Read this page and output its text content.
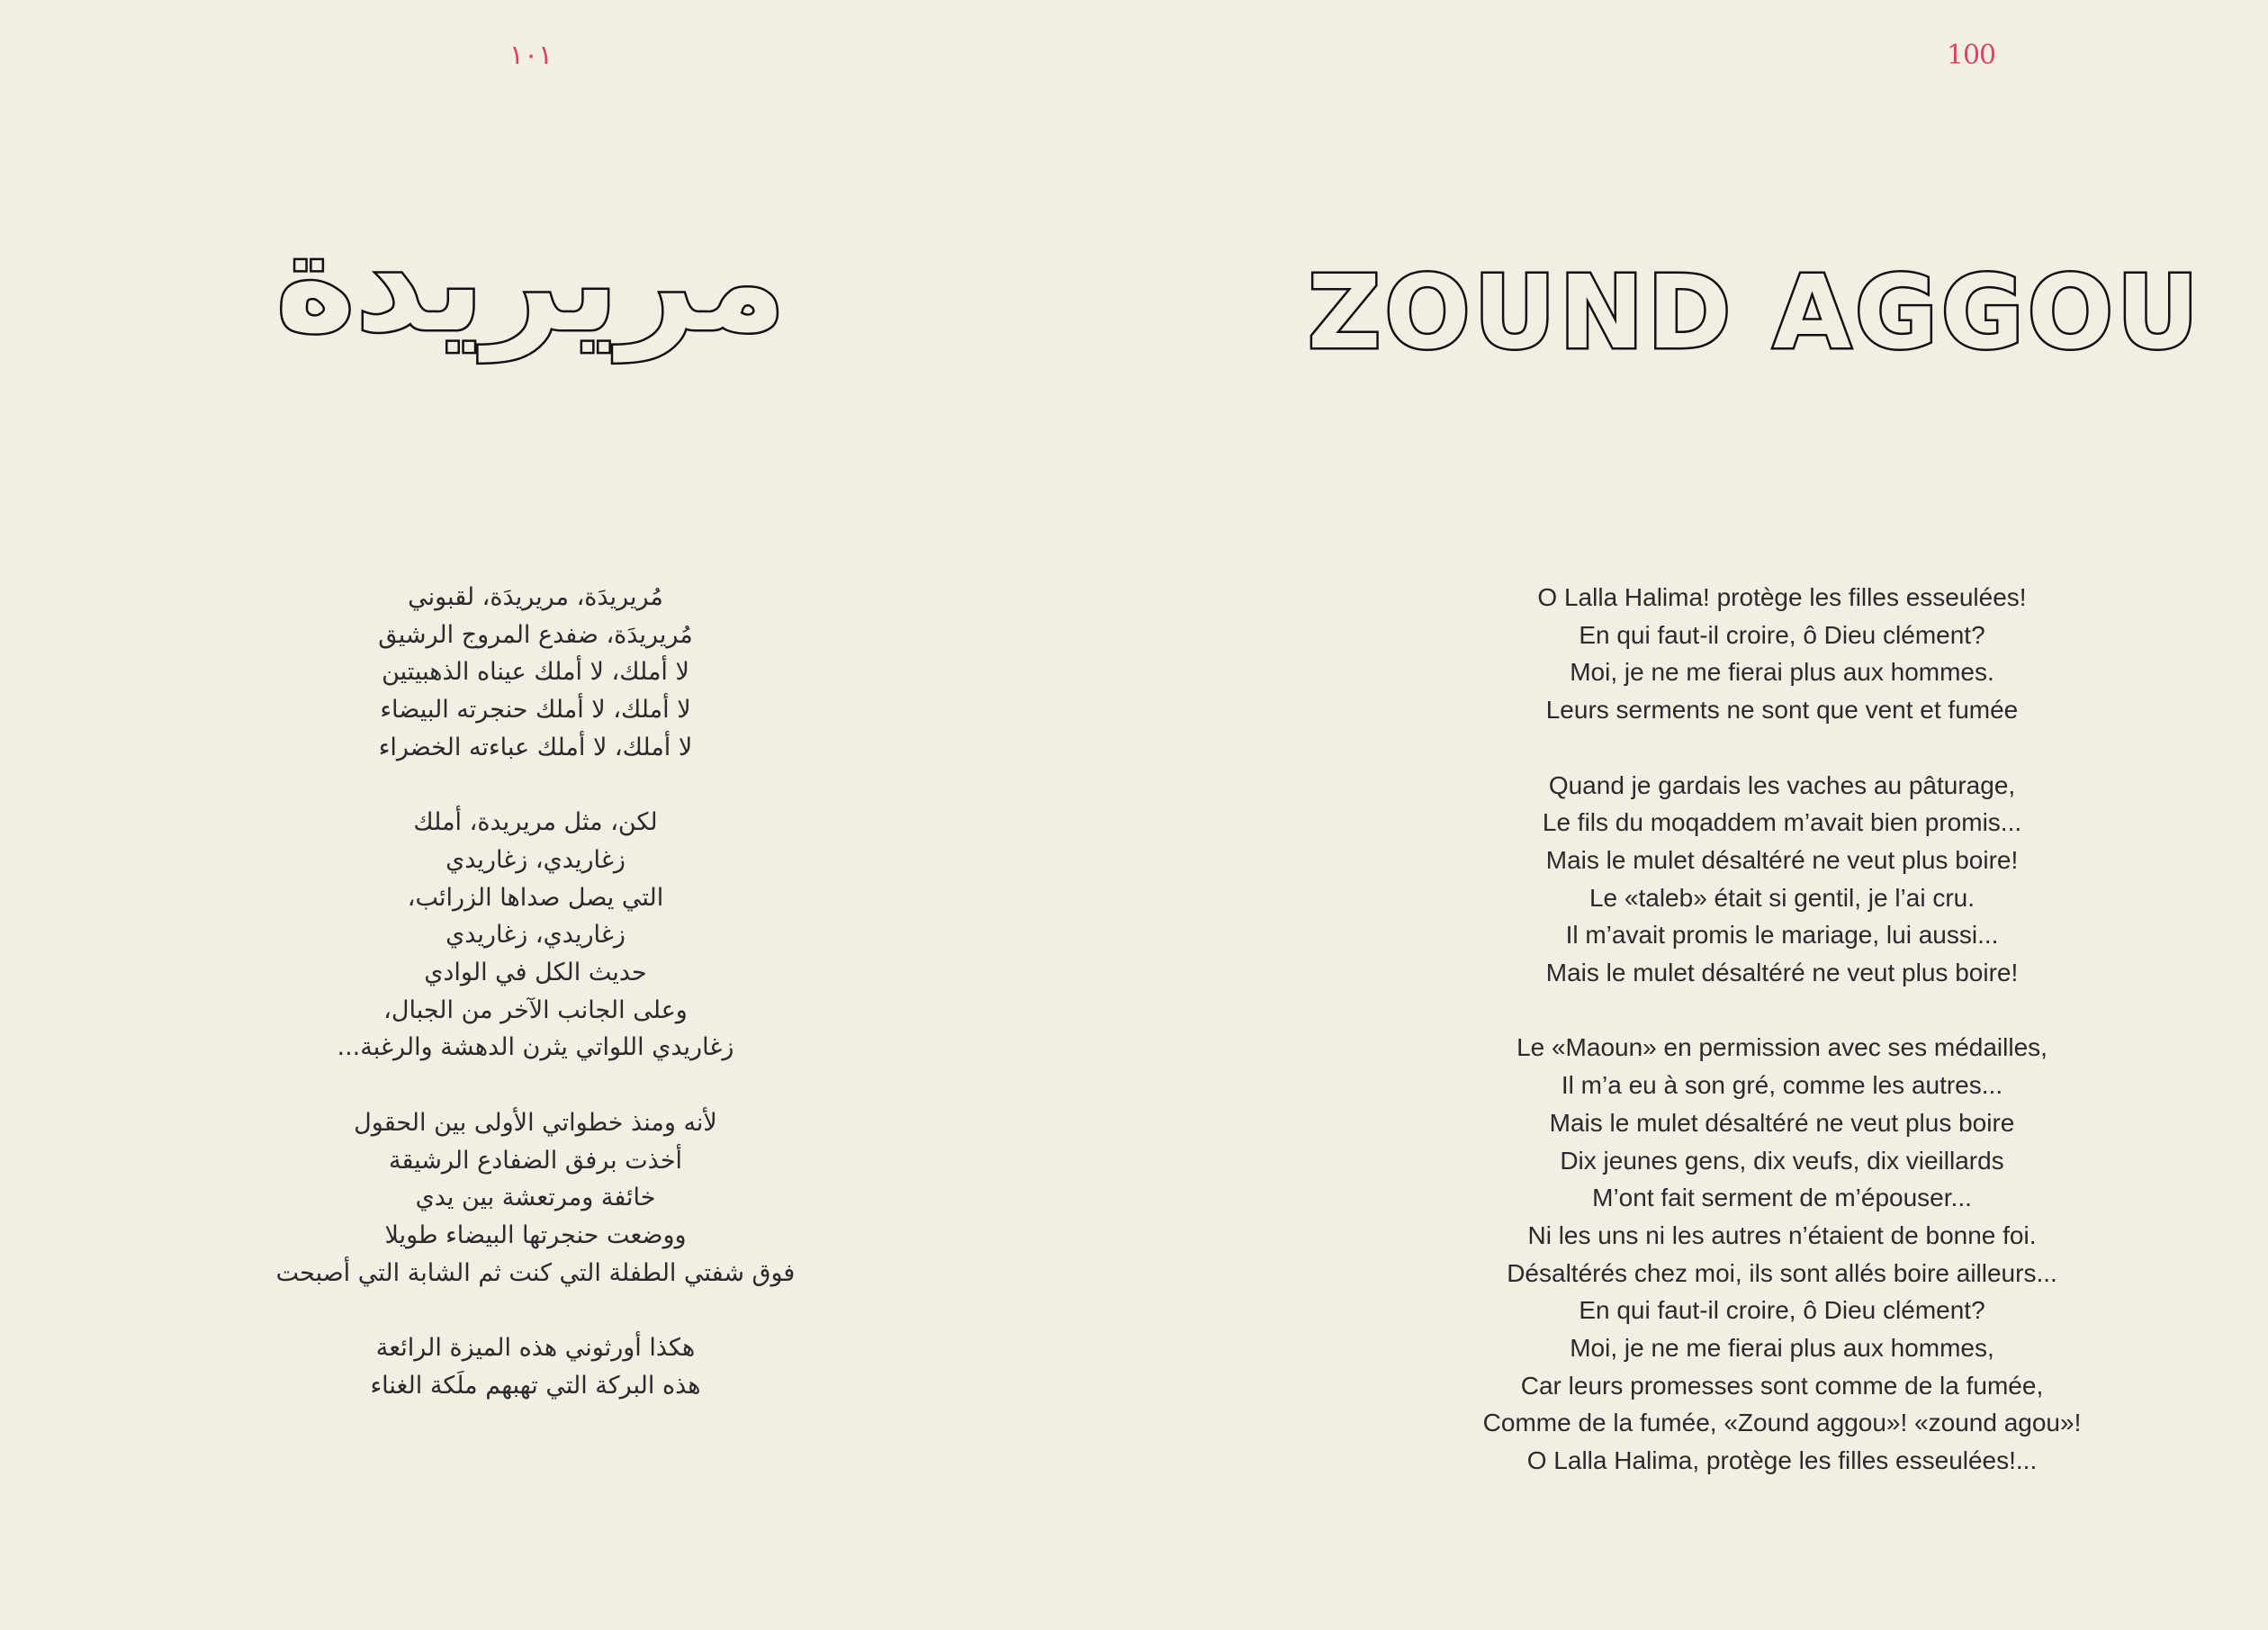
١٠١
مريريدة
مُريريدَة، مريريدَة، لقبوني
مُريريدَة، ضفدع المروج الرشيق
لا أملك، لا أملك عيناه الذهبيتين
لا أملك، لا أملك حنجرته البيضاء
لا أملك، لا أملك عباءته الخضراء
لكن، مثل مريريدة، أملك
زغاريدي، زغاريدي
التي يصل صداها الزرائب،
زغاريدي، زغاريدي
حديث الكل في الوادي
وعلى الجانب الآخر من الجبال،
زغاريدي اللواتي يثرن الدهشة والرغبة...
لأنه ومنذ خطواتي الأولى بين الحقول
أخذت برفق الضفادع الرشيقة
خائفة ومرتعشة بين يدي
ووضعت حنجرتها البيضاء طويلا
فوق شفتي الطفلة التي كنت ثم الشابة التي أصبحت
هكذا أورثوني هذه الميزة الرائعة
هذه البركة التي تهبهم ملَكة الغناء
100
ZOUND AGGOU
O Lalla Halima! protège les filles esseulées!
En qui faut-il croire, ô Dieu clément?
Moi, je ne me fierai plus aux hommes.
Leurs serments ne sont que vent et fumée
Quand je gardais les vaches au pâturage,
Le fils du moqaddem m’avait bien promis...
Mais le mulet désaltéré ne veut plus boire!
Le «taleb» était si gentil, je l’ai cru.
Il m’avait promis le mariage, lui aussi...
Mais le mulet désaltéré ne veut plus boire!
Le «Maoun» en permission avec ses médailles,
Il m’a eu à son gré, comme les autres...
Mais le mulet désaltéré ne veut plus boire
Dix jeunes gens, dix veufs, dix vieillards
M’ont fait serment de m’épouser...
Ni les uns ni les autres n’étaient de bonne foi.
Désaltérés chez moi, ils sont allés boire ailleurs...
En qui faut-il croire, ô Dieu clément?
Moi, je ne me fierai plus aux hommes,
Car leurs promesses sont comme de la fumée,
Comme de la fumée, «Zound aggou»! «zound agou»!
O Lalla Halima, protège les filles esseulées!...
